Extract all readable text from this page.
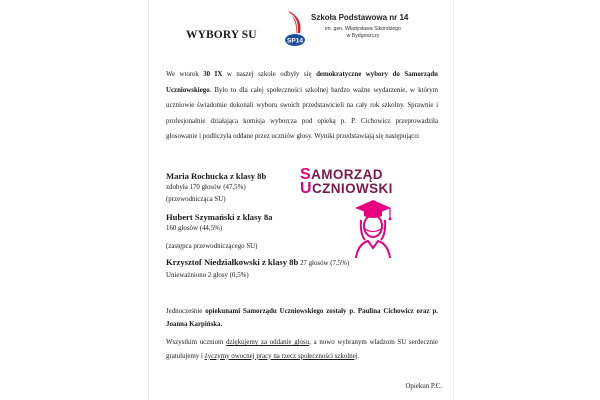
WYBORY SU	SP14
Szkoła Podstawowa nr 14
im. gen. Władysława Sikorskiego
w Bydgoszczy
We wtorek 30 IX w naszej szkole odbyły się demokratyczne wybory do Samorządu Uczniowskiego. Było to dla całej społeczności szkolnej bardzo ważne wydarzenie, w którym uczniowie świadomie dokonali wyboru swoich przedstawicieli na cały rok szkolny. Sprawnie i profesjonalnie działająca komisja wyborcza pod opieką p. P. Cichowicz przeprowadziła głosowanie i podliczyła oddane przez uczniów głosy. Wyniki przedstawiają się następująco:
Maria Rochucka z klasy 8b
zdobyła 170 głosów (47,5%)
(przewodnicząca SU)
Hubert Szymański z klasy 8a
160 głosów (44,5%)
(zastępca przewodniczącego SU)
Krzysztof Niedziałkowski z klasy 8b 27 głosów (7,5%)
Unieważniono 2 głosy (0,5%)
SAMORZĄD
UCZNIOWSKI
Jednocześnie opiekunami Samorządu Uczniowskiego zostały p. Paulina Cichowicz oraz p. Joanna Karpińska.
Wszystkim uczniom dziękujemy za oddanie głosu, a nowo wybranym władzom SU serdecznie gratulujemy i życzymy owocnej pracy na rzecz społeczności szkolnej.
Opiekun P.C.
